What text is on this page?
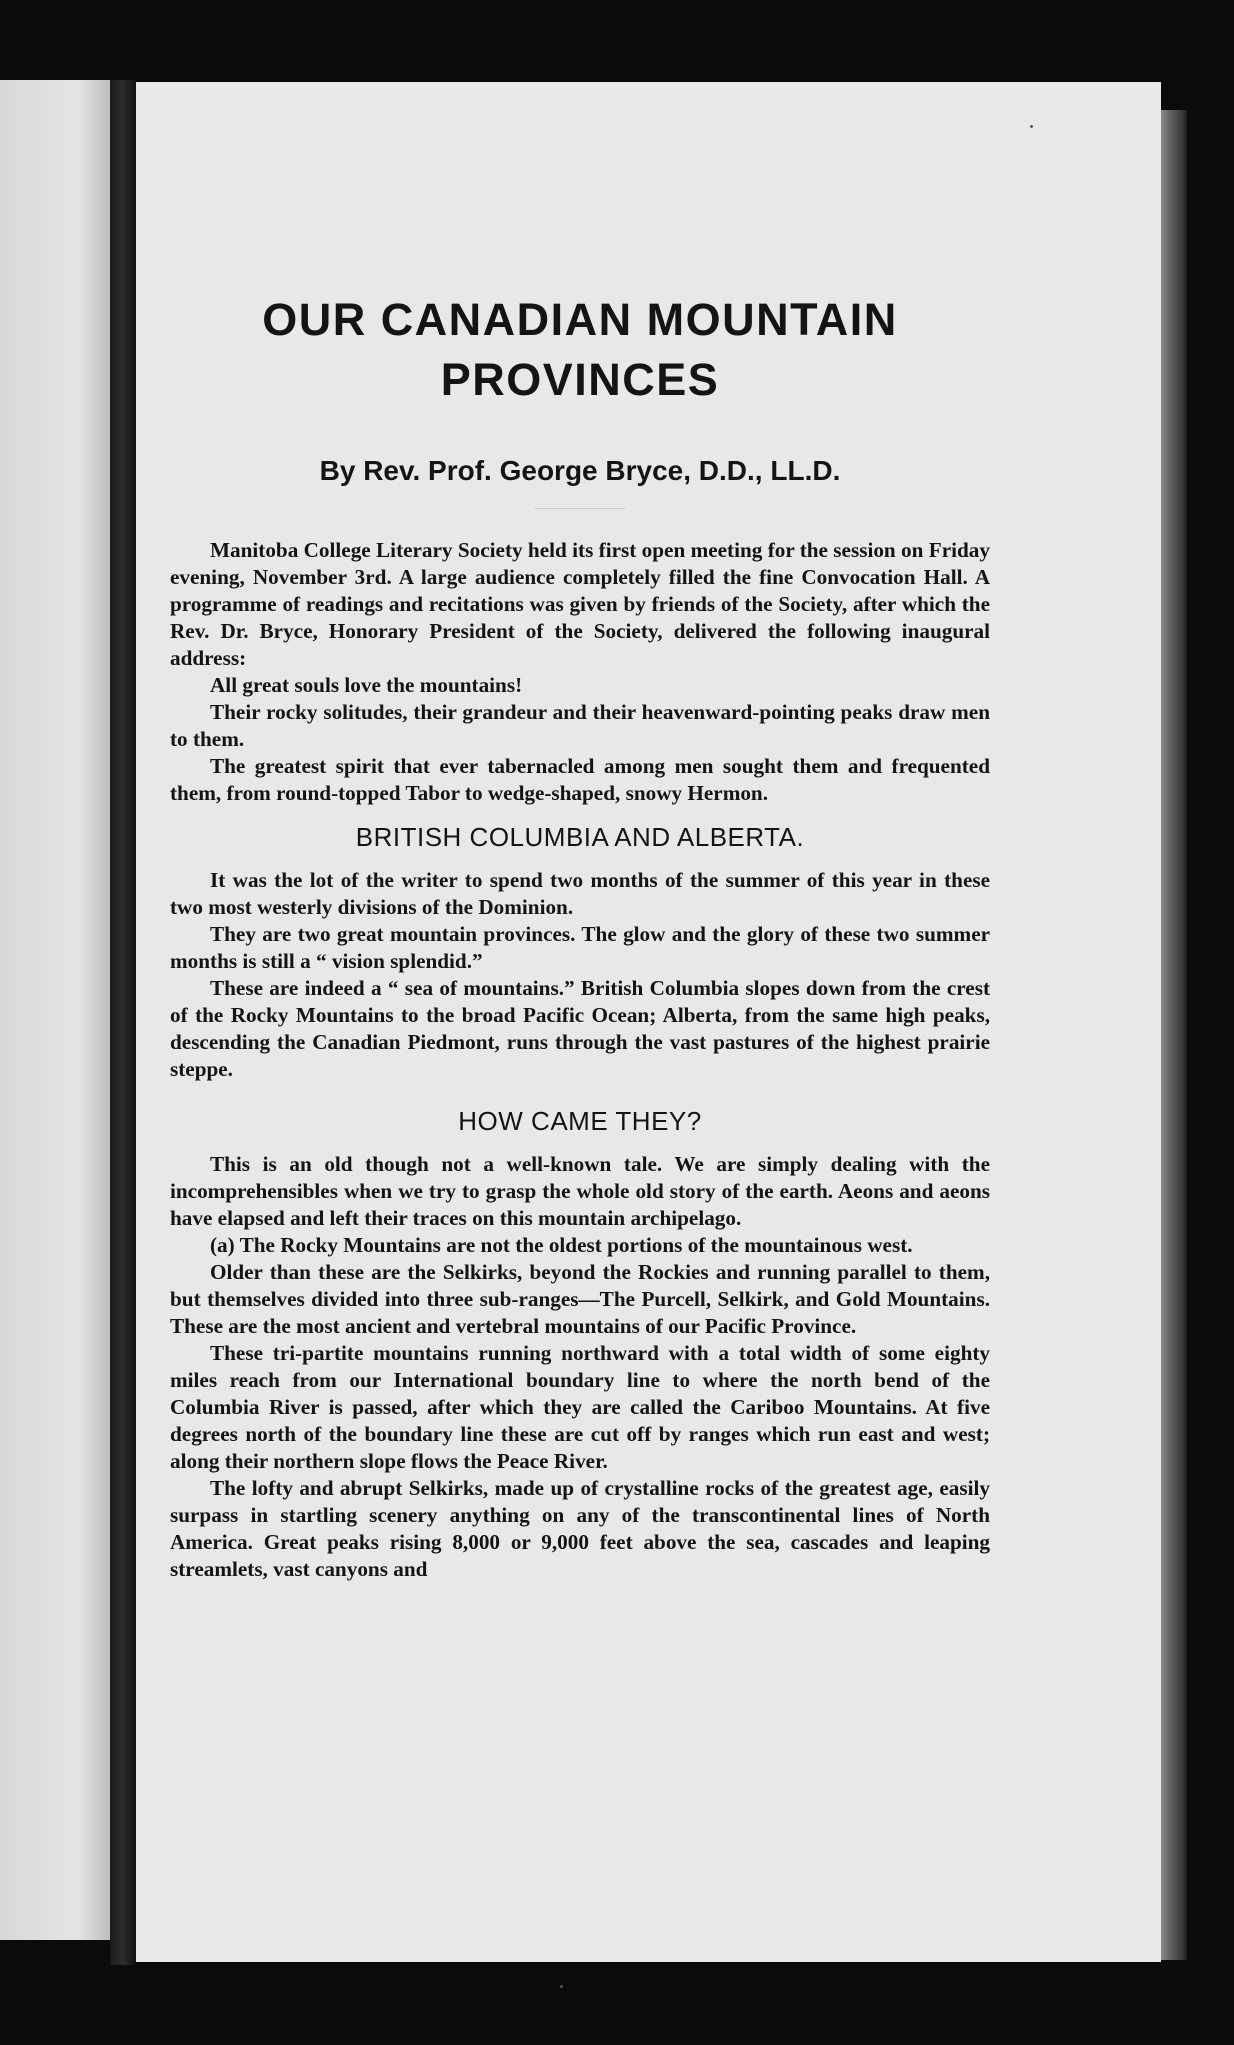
OUR CANADIAN MOUNTAIN
PROVINCES
By Rev. Prof. George Bryce, D.D., LL.D.

Manitoba College Literary Society held its first open meeting for the session on Friday evening, November 3rd. A large audience completely filled the fine Convocation Hall. A programme of readings and recitations was given by friends of the Society, after which the Rev. Dr. Bryce, Honorary President of the Society, delivered the following inaugural address:

All great souls love the mountains!

Their rocky solitudes, their grandeur and their heavenward-pointing peaks draw men to them.

The greatest spirit that ever tabernacled among men sought them and frequented them, from round-topped Tabor to wedge-shaped, snowy Hermon.

BRITISH COLUMBIA AND ALBERTA.

It was the lot of the writer to spend two months of the summer of this year in these two most westerly divisions of the Dominion.

They are two great mountain provinces. The glow and the glory of these two summer months is still a “ vision splendid.”

These are indeed a “ sea of mountains.” British Columbia slopes down from the crest of the Rocky Mountains to the broad Pacific Ocean; Alberta, from the same high peaks, descending the Canadian Piedmont, runs through the vast pastures of the highest prairie steppe.

HOW CAME THEY?

This is an old though not a well-known tale. We are simply dealing with the incomprehensibles when we try to grasp the whole old story of the earth. Aeons and aeons have elapsed and left their traces on this mountain archipelago.

(a) The Rocky Mountains are not the oldest portions of the mountainous west.

Older than these are the Selkirks, beyond the Rockies and running parallel to them, but themselves divided into three sub-ranges—The Purcell, Selkirk, and Gold Mountains. These are the most ancient and vertebral mountains of our Pacific Province.

These tri-partite mountains running northward with a total width of some eighty miles reach from our International boundary line to where the north bend of the Columbia River is passed, after which they are called the Cariboo Mountains. At five degrees north of the boundary line these are cut off by ranges which run east and west; along their northern slope flows the Peace River.

The lofty and abrupt Selkirks, made up of crystalline rocks of the greatest age, easily surpass in startling scenery anything on any of the transcontinental lines of North America. Great peaks rising 8,000 or 9,000 feet above the sea, cascades and leaping streamlets, vast canyons and
